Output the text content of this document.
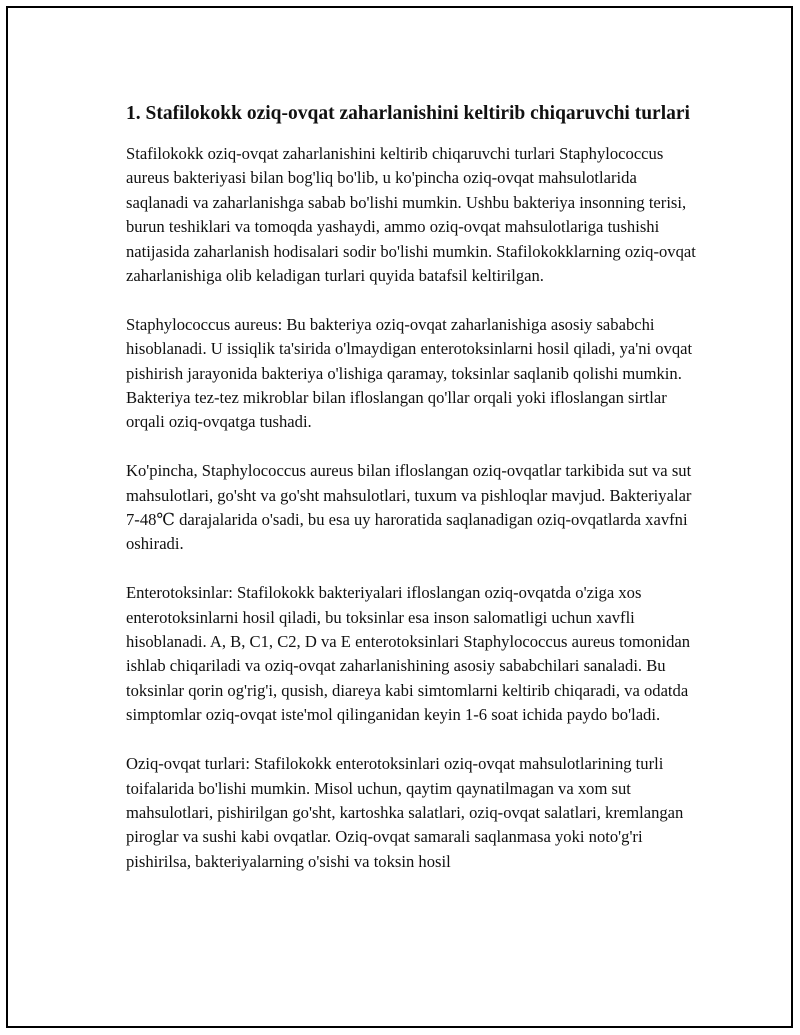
1. Stafilokokk oziq-ovqat zaharlanishini keltirib chiqaruvchi turlari

Stafilokokk oziq-ovqat zaharlanishini keltirib chiqaruvchi turlari Staphylococcus aureus bakteriyasi bilan bog'liq bo'lib, u ko'pincha oziq-ovqat mahsulotlarida saqlanadi va zaharlanishga sabab bo'lishi mumkin. Ushbu bakteriya insonning terisi, burun teshiklari va tomoqda yashaydi, ammo oziq-ovqat mahsulotlariga tushishi natijasida zaharlanish hodisalari sodir bo'lishi mumkin. Stafilokokklarning oziq-ovqat zaharlanishiga olib keladigan turlari quyida batafsil keltirilgan.

Staphylococcus aureus: Bu bakteriya oziq-ovqat zaharlanishiga asosiy sababchi hisoblanadi. U issiqlik ta'sirida o'lmaydigan enterotoksinlarni hosil qiladi, ya'ni ovqat pishirish jarayonida bakteriya o'lishiga qaramay, toksinlar saqlanib qolishi mumkin. Bakteriya tez-tez mikroblar bilan ifloslangan qo'llar orqali yoki ifloslangan sirtlar orqali oziq-ovqatga tushadi.

Ko'pincha, Staphylococcus aureus bilan ifloslangan oziq-ovqatlar tarkibida sut va sut mahsulotlari, go'sht va go'sht mahsulotlari, tuxum va pishloqlar mavjud. Bakteriyalar 7-48℃ darajalarida o'sadi, bu esa uy haroratida saqlanadigan oziq-ovqatlarda xavfni oshiradi.

Enterotoksinlar: Stafilokokk bakteriyalari ifloslangan oziq-ovqatda o'ziga xos enterotoksinlarni hosil qiladi, bu toksinlar esa inson salomatligi uchun xavfli hisoblanadi. A, B, C1, C2, D va E enterotoksinlari Staphylococcus aureus tomonidan ishlab chiqariladi va oziq-ovqat zaharlanishining asosiy sababchilari sanaladi. Bu toksinlar qorin og'rig'i, qusish, diareya kabi simtomlarni keltirib chiqaradi, va odatda simptomlar oziq-ovqat iste'mol qilinganidan keyin 1-6 soat ichida paydo bo'ladi.

Oziq-ovqat turlari: Stafilokokk enterotoksinlari oziq-ovqat mahsulotlarining turli toifalarida bo'lishi mumkin. Misol uchun, qaytim qaynatilmagan va xom sut mahsulotlari, pishirilgan go'sht, kartoshka salatlari, oziq-ovqat salatlari, kremlangan piroglar va sushi kabi ovqatlar. Oziq-ovqat samarali saqlanmasa yoki noto'g'ri pishirilsa, bakteriyalarning o'sishi va toksin hosil
